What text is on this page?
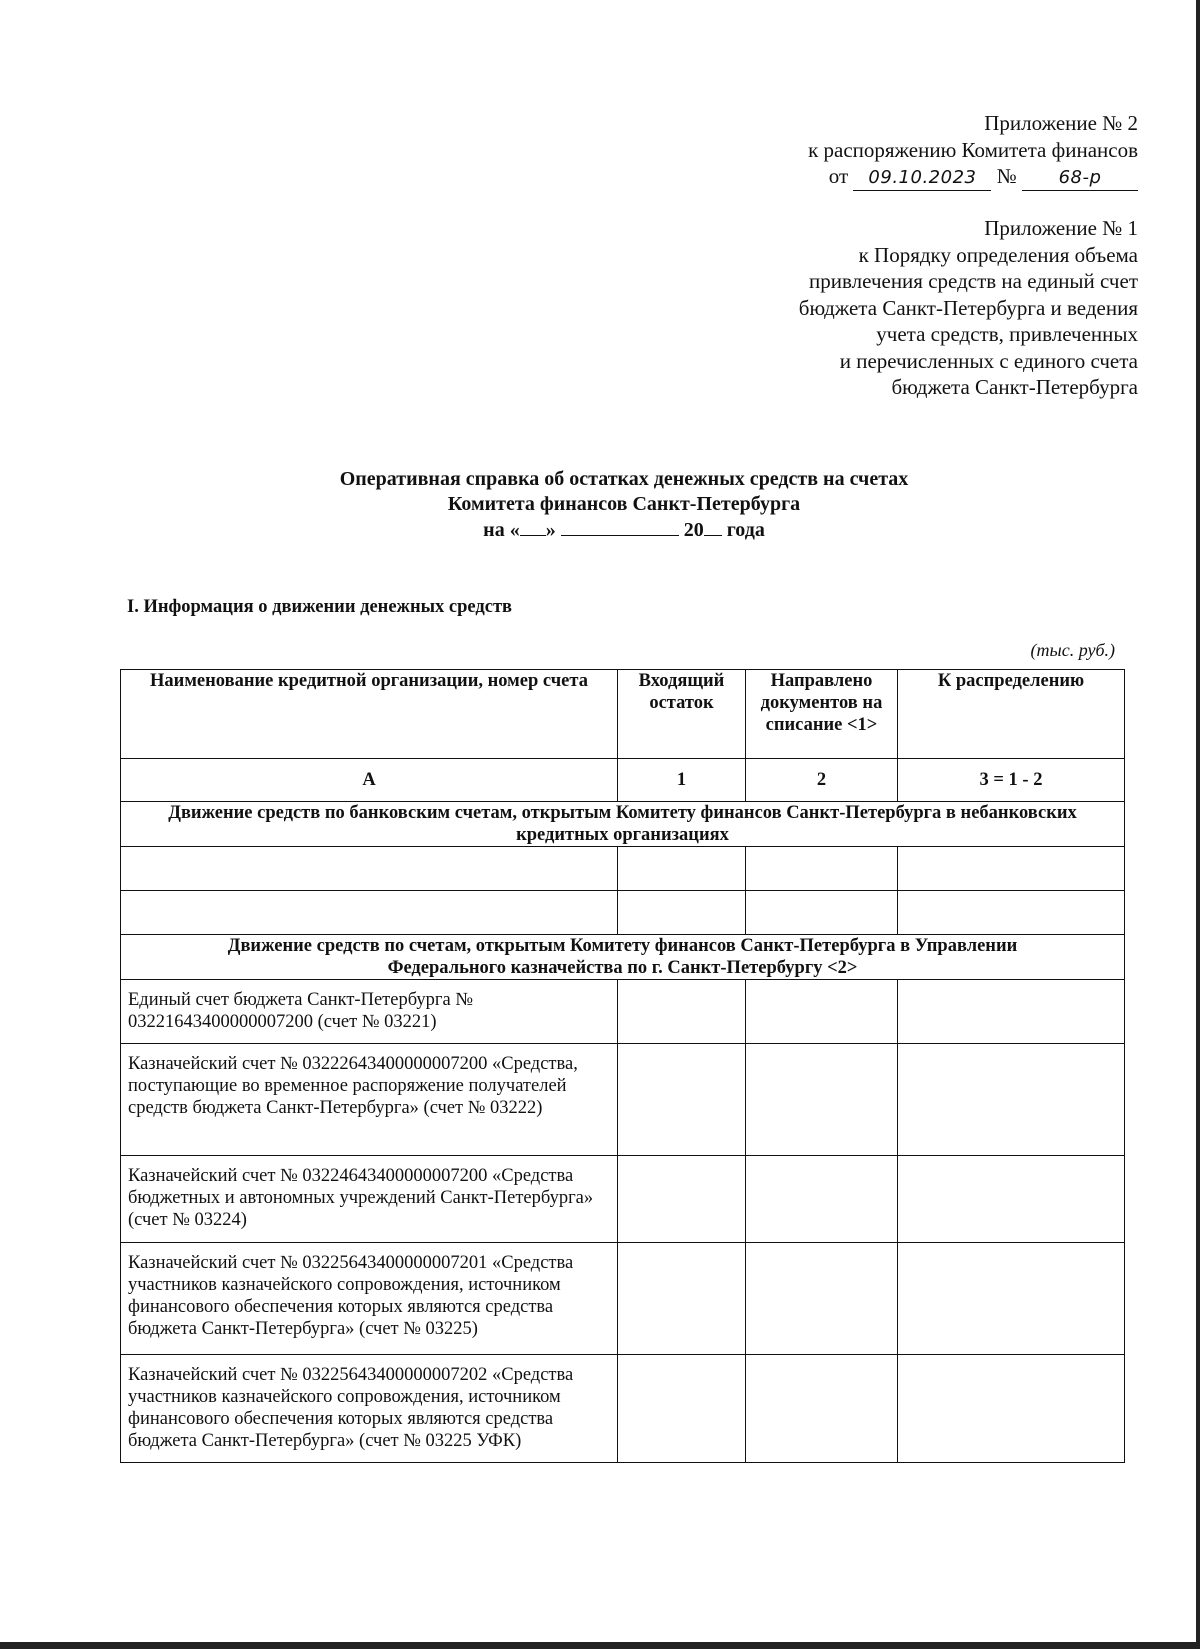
Приложение № 2
к распоряжению Комитета финансов
от 09.10.2023 № 68-р
Приложение № 1
к Порядку определения объема
привлечения средств на единый счет
бюджета Санкт-Петербурга и ведения
учета средств, привлеченных
и перечисленных с единого счета
бюджета Санкт-Петербурга
Оперативная справка об остатках денежных средств на счетах
Комитета финансов Санкт-Петербурга
на « »	20 года
I. Информация о движении денежных средств
(тыс. руб.)
Наименование кредитной организации, номер счета	Входящий остаток	Направлено документов на списание <1>	К распределению
А	1	2	3 = 1 - 2
Движение средств по банковским счетам, открытым Комитету финансов Санкт-Петербурга в небанковских кредитных организациях			

Движение средств по счетам, открытым Комитету финансов Санкт-Петербурга в Управлении Федерального казначейства по г. Санкт-Петербургу <2>			
Единый счет бюджета Санкт-Петербурга № 03221643400000007200 (счет № 03221)			
Казначейский счет № 03222643400000007200 «Средства, поступающие во временное распоряжение получателей средств бюджета Санкт-Петербурга» (счет № 03222)			
Казначейский счет № 03224643400000007200 «Средства бюджетных и автономных учреждений Санкт-Петербурга» (счет № 03224)			
Казначейский счет № 03225643400000007201 «Средства участников казначейского сопровождения, источником финансового обеспечения которых являются средства бюджета Санкт-Петербурга» (счет № 03225)			
Казначейский счет № 03225643400000007202 «Средства участников казначейского сопровождения, источником финансового обеспечения которых являются средства бюджета Санкт-Петербурга» (счет № 03225 УФК)			
